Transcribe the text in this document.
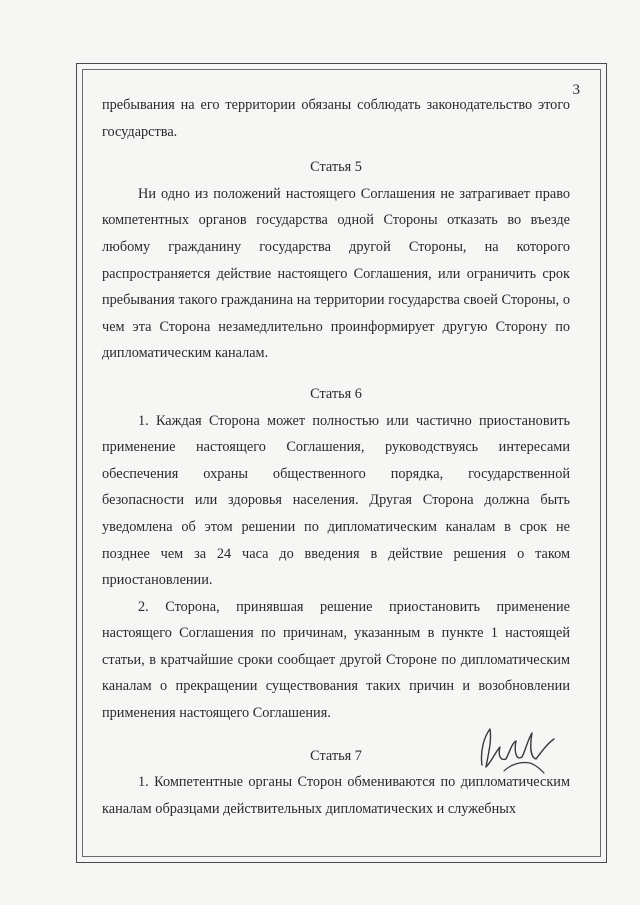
3

пребывания на его территории обязаны соблюдать законодательство этого государства.

Статья 5

Ни одно из положений настоящего Соглашения не затрагивает право компетентных органов государства одной Стороны отказать во въезде любому гражданину государства другой Стороны, на которого распространяется действие настоящего Соглашения, или ограничить срок пребывания такого гражданина на территории государства своей Стороны, о чем эта Сторона незамедлительно проинформирует другую Сторону по дипломатическим каналам.

Статья 6

1. Каждая Сторона может полностью или частично приостановить применение настоящего Соглашения, руководствуясь интересами обеспечения охраны общественного порядка, государственной безопасности или здоровья населения. Другая Сторона должна быть уведомлена об этом решении по дипломатическим каналам в срок не позднее чем за 24 часа до введения в действие решения о таком приостановлении.

2. Сторона, принявшая решение приостановить применение настоящего Соглашения по причинам, указанным в пункте 1 настоящей статьи, в кратчайшие сроки сообщает другой Стороне по дипломатическим каналам о прекращении существования таких причин и возобновлении применения настоящего Соглашения.

Статья 7

1. Компетентные органы Сторон обмениваются по дипломатическим каналам образцами действительных дипломатических и служебных
